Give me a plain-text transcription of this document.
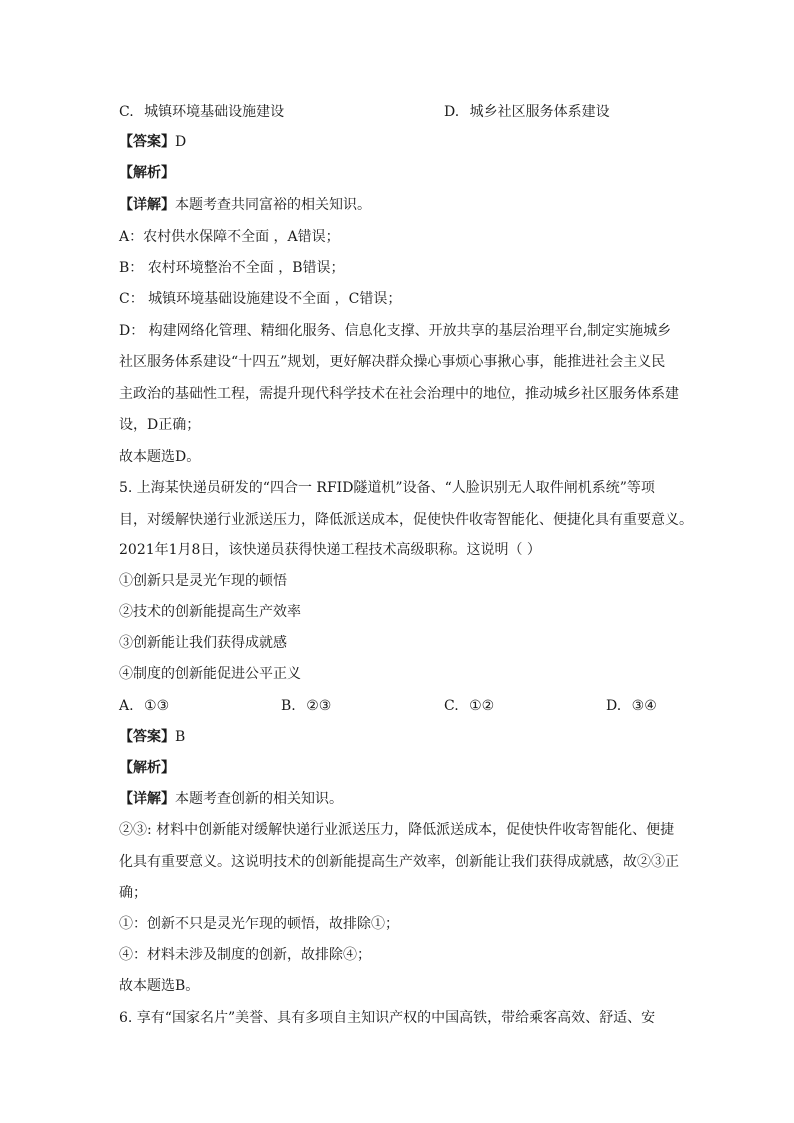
C. 城镇环境基础设施建设	D. 城乡社区服务体系建设
【答案】D
【解析】
【详解】本题考查共同富裕的相关知识。
A：农村供水保障不全面 ，A错误；
B： 农村环境整治不全面 ，B错误；
C： 城镇环境基础设施建设不全面 ，C错误；
D： 构建网络化管理、精细化服务、信息化支撑、开放共享的基层治理平台,制定实施城乡
社区服务体系建设“十四五”规划，更好解决群众操心事烦心事揪心事，能推进社会主义民
主政治的基础性工程，需提升现代科学技术在社会治理中的地位，推动城乡社区服务体系建
设，D正确；
故本题选D。
5. 上海某快递员研发的“四合一 RFID隧道机”设备、“人脸识别无人取件闸机系统”等项
目，对缓解快递行业派送压力，降低派送成本，促使快件收寄智能化、便捷化具有重要意义。
2021年1月8日，该快递员获得快递工程技术高级职称。这说明（ ）
①创新只是灵光乍现的顿悟
②技术的创新能提高生产效率
③创新能让我们获得成就感
④制度的创新能促进公平正义
A. ①③	B. ②③	C. ①②	D. ③④
【答案】B
【解析】
【详解】本题考查创新的相关知识。
②③: 材料中创新能对缓解快递行业派送压力，降低派送成本，促使快件收寄智能化、便捷
化具有重要意义。这说明技术的创新能提高生产效率，创新能让我们获得成就感，故②③正
确；
①：创新不只是灵光乍现的顿悟，故排除①；
④：材料未涉及制度的创新，故排除④；
故本题选B。
6. 享有“国家名片”美誉、具有多项自主知识产权的中国高铁，带给乘客高效、舒适、安
